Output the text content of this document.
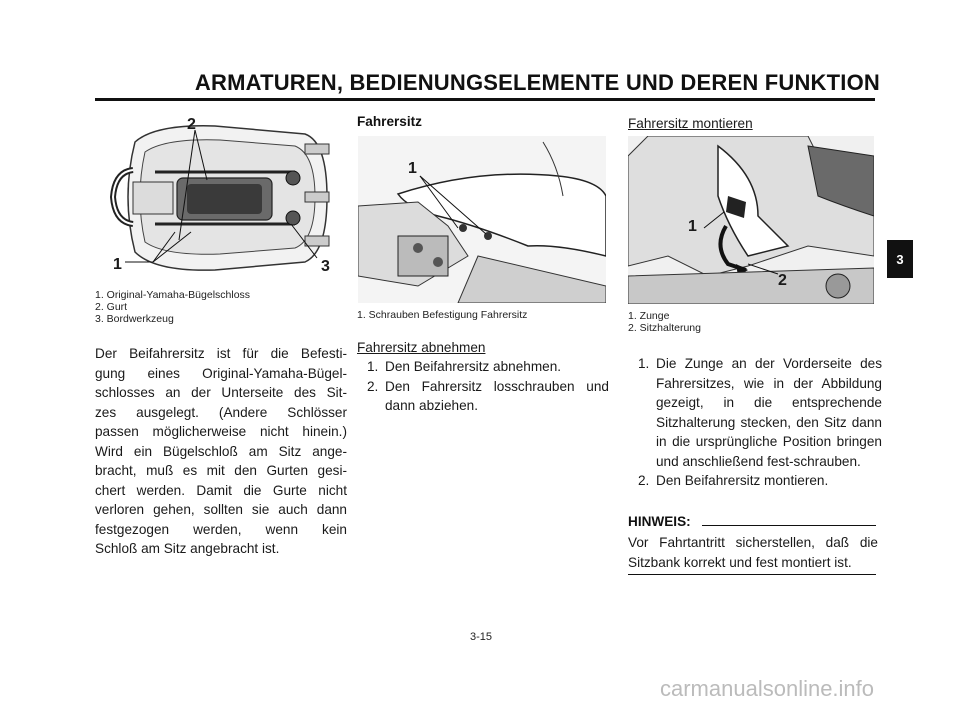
ARMATUREN, BEDIENUNGSELEMENTE UND DEREN FUNKTION
3
2
1	3
1. Original-Yamaha-Bügelschloss
2. Gurt
3. Bordwerkzeug
Der Beifahrersitz ist für die Befesti-
gung eines Original-Yamaha-Bügel-
schlosses an der Unterseite des Sit-
zes ausgelegt. (Andere Schlösser
passen möglicherweise nicht hinein.)
Wird ein Bügelschloß am Sitz ange-
bracht, muß es mit den Gurten gesi-
chert werden. Damit die Gurte nicht
verloren gehen, sollten sie auch dann
festgezogen werden, wenn kein
Schloß am Sitz angebracht ist.
Fahrersitz
1
1. Schrauben Befestigung Fahrersitz
Fahrersitz abnehmen
1. Den Beifahrersitz abnehmen.
2. Den Fahrersitz losschrauben und dann abziehen.
Fahrersitz montieren
1
2
1. Zunge
2. Sitzhalterung
1. Die Zunge an der Vorderseite des Fahrersitzes, wie in der Abbildung gezeigt, in die entsprechende Sitzhalterung stecken, den Sitz dann in die ursprüngliche Position bringen und anschließend fest-schrauben.
2. Den Beifahrersitz montieren.
HINWEIS:
Vor Fahrtantritt sicherstellen, daß die Sitzbank korrekt und fest montiert ist.
3-15
carmanualsonline.info
